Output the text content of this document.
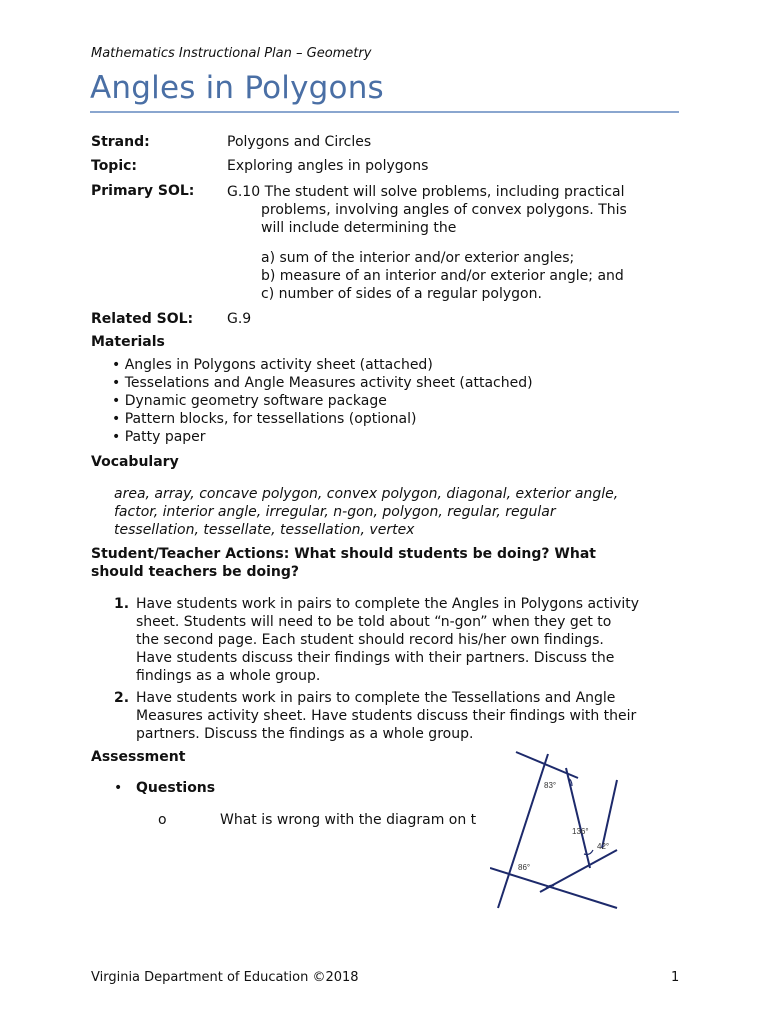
Mathematics Instructional Plan – Geometry
Angles in Polygons
Strand:	Polygons and Circles
Topic:	Exploring angles in polygons
Primary SOL: G.10 The student will solve problems, including practical
problems, involving angles of convex polygons. This
will include determining the
a) sum of the interior and/or exterior angles;
b) measure of an interior and/or exterior angle; and
c) number of sides of a regular polygon.
Related SOL: G.9
Materials
• Angles in Polygons activity sheet (attached)
• Tesselations and Angle Measures activity sheet (attached)
• Dynamic geometry software package
• Pattern blocks, for tessellations (optional)
• Patty paper
Vocabulary
area, array, concave polygon, convex polygon, diagonal, exterior angle,
factor, interior angle, irregular, n-gon, polygon, regular, regular
tessellation, tessellate, tessellation, vertex
Student/Teacher Actions: What should students be doing? What
should teachers be doing?
1. Have students work in pairs to complete the Angles in Polygons activity
sheet. Students will need to be told about “n-gon” when they get to
the second page. Each student should record his/her own findings.
Have students discuss their findings with their partners. Discuss the
findings as a whole group.
2. Have students work in pairs to complete the Tessellations and Angle
Measures activity sheet. Have students discuss their findings with their
partners. Discuss the findings as a whole group.
Assessment
• Questions
o	What is wrong with the diagram on t
83°
136°
42°
86°
Virginia Department of Education ©2018	1
